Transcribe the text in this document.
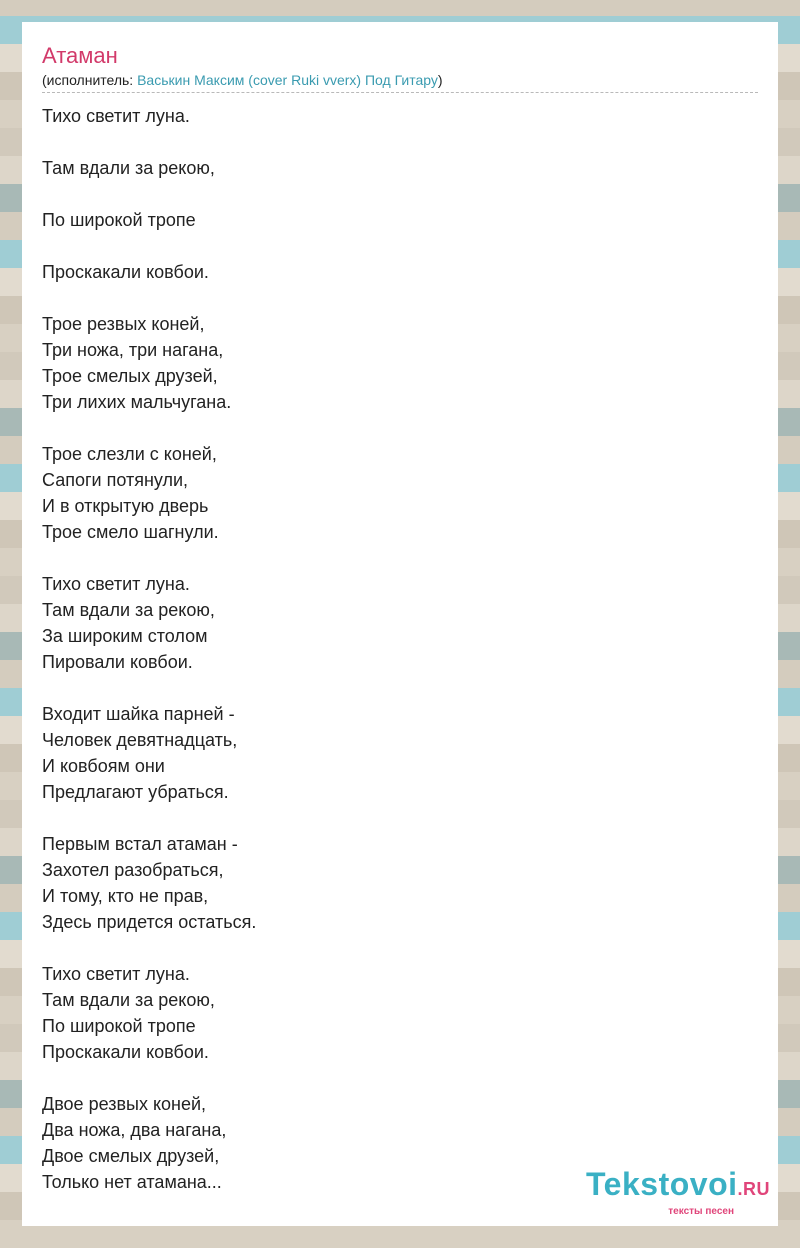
Атаман
(исполнитель: Васькин Максим (cover Ruki vverx) Под Гитару)
Тихо светит луна.
Там вдали за рекою,
По широкой тропе
Проскакали ковбои.
Трое резвых коней,
Три ножа, три нагана,
Трое смелых друзей,
Три лихих мальчугана.
Трое слезли с коней,
Сапоги потянули,
И в открытую дверь
Трое смело шагнули.
Тихо светит луна.
Там вдали за рекою,
За широким столом
Пировали ковбои.
Входит шайка парней -
Человек девятнадцать,
И ковбоям они
Предлагают убраться.
Первым встал атаман -
Захотел разобраться,
И тому, кто не прав,
Здесь придется остаться.
Тихо светит луна.
Там вдали за рекою,
По широкой тропе
Проскакали ковбои.
Двое резвых коней,
Два ножа, два нагана,
Двое смелых друзей,
Только нет атамана...	Tekstovoi.RU
тексты песен
